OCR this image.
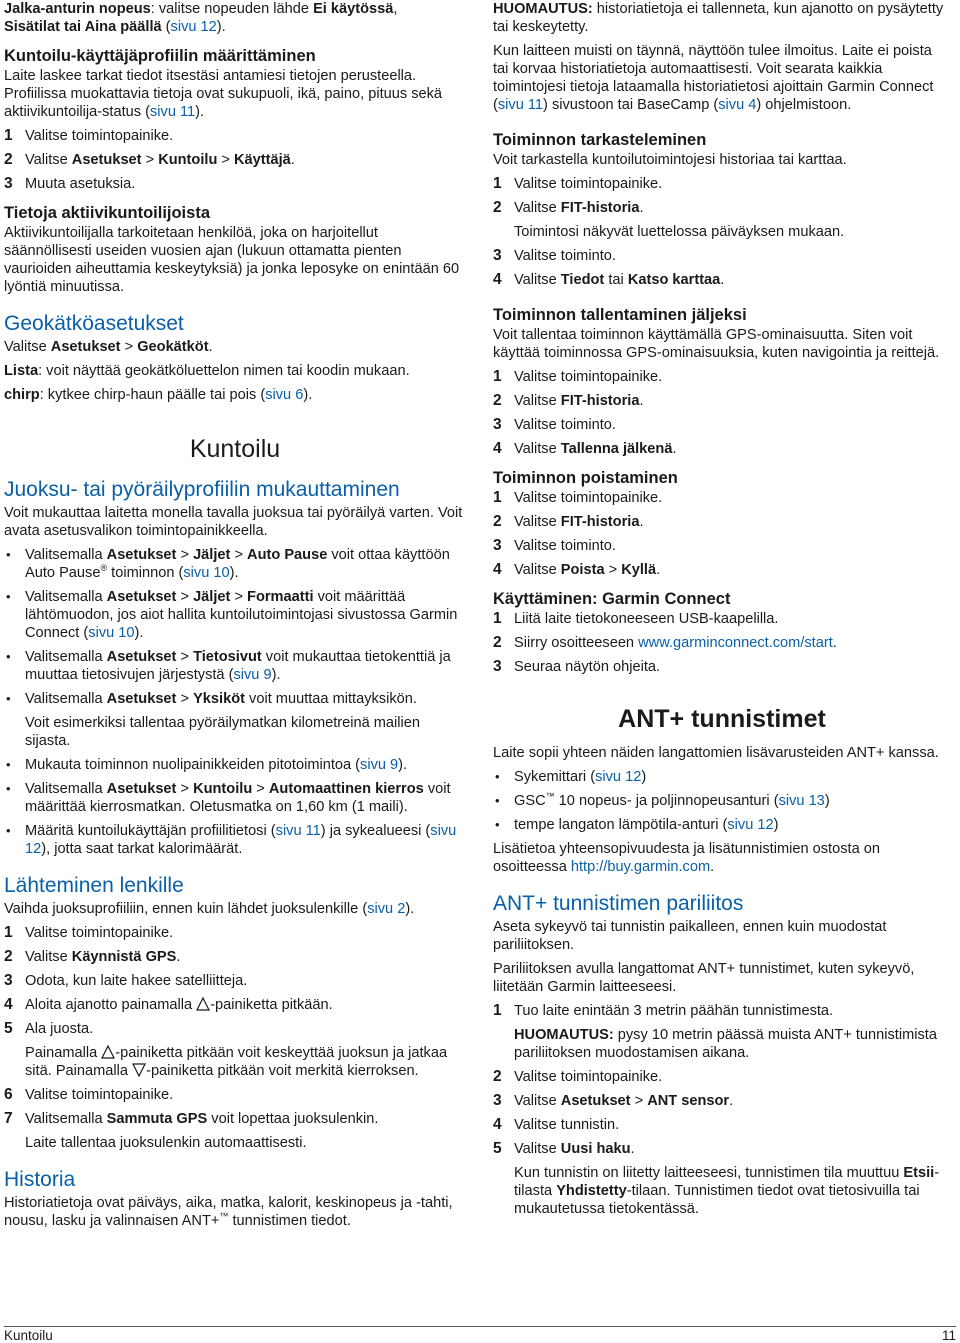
Jalka-anturin nopeus: valitse nopeuden lähde Ei käytössä,
Sisätilat tai Aina päällä (sivu 12).

Kuntoilu-käyttäjäprofiilin määrittäminen

Laite laskee tarkat tiedot itsestäsi antamiesi tietojen perusteella. Profiilissa muokattavia tietoja ovat sukupuoli, ikä, paino, pituus sekä aktiivikuntoilija-status (sivu 11).

1 Valitse toimintopainike.
2 Valitse Asetukset > Kuntoilu > Käyttäjä.
3 Muuta asetuksia.
Tietoja aktiivikuntoilijoista

Aktiivikuntoilijalla tarkoitetaan henkilöä, joka on harjoitellut säännöllisesti useiden vuosien ajan (lukuun ottamatta pienten vaurioiden aiheuttamia keskeytyksiä) ja jonka leposyke on enintään 60 lyöntiä minuutissa.

Geokätköasetukset

Valitse Asetukset > Geokätköt.

Lista: voit näyttää geokätköluettelon nimen tai koodin mukaan.

chirp: kytkee chirp-haun päälle tai pois (sivu 6).

Kuntoilu
Juoksu- tai pyöräilyprofiilin mukauttaminen

Voit mukauttaa laitetta monella tavalla juoksua tai pyöräilyä varten. Voit avata asetusvalikon toimintopainikkeella.

• Valitsemalla Asetukset > Jäljet > Auto Pause voit ottaa käyttöön Auto Pause® toiminnon (sivu 10).
• Valitsemalla Asetukset > Jäljet > Formaatti voit määrittää lähtömuodon, jos aiot hallita kuntoilutoimintojasi sivustossa Garmin Connect (sivu 10).
• Valitsemalla Asetukset > Tietosivut voit mukauttaa tietokenttiä ja muuttaa tietosivujen järjestystä (sivu 9).
• Valitsemalla Asetukset > Yksiköt voit muuttaa mittayksikön.
Voit esimerkiksi tallentaa pyöräilymatkan kilometreinä mailien sijasta.
• Mukauta toiminnon nuolipainikkeiden pitotoimintoa (sivu 9).
• Valitsemalla Asetukset > Kuntoilu > Automaattinen kierros voit määrittää kierrosmatkan. Oletusmatka on 1,60 km (1 maili).
• Määritä kuntoilukäyttäjän profiilitietosi (sivu 11) ja sykealueesi (sivu 12), jotta saat tarkat kalorimäärät.
Lähteminen lenkille

Vaihda juoksuprofiiliin, ennen kuin lähdet juoksulenkille (sivu 2).

1 Valitse toimintopainike.
2 Valitse Käynnistä GPS.
3 Odota, kun laite hakee satelliitteja.
4 Aloita ajanotto painamalla -painiketta pitkään.
5 Ala juosta.

Painamalla -painiketta pitkään voit keskeyttää juoksun ja jatkaa sitä. Painamalla -painiketta pitkään voit merkitä kierroksen.

6 Valitse toimintopainike.
7 Valitsemalla Sammuta GPS voit lopettaa juoksulenkin.

Laite tallentaa juoksulenkin automaattisesti.

Historia

Historiatietoja ovat päiväys, aika, matka, kalorit, keskinopeus ja -tahti, nousu, lasku ja valinnaisen ANT+™ tunnistimen tiedot.

HUOMAUTUS: historiatietoja ei tallenneta, kun ajanotto on pysäytetty tai keskeytetty.

Kun laitteen muisti on täynnä, näyttöön tulee ilmoitus. Laite ei poista tai korvaa historiatietoja automaattisesti. Voit searata kaikkia toimintojesi tietoja lataamalla historiatietosi ajoittain Garmin Connect (sivu 11) sivustoon tai BaseCamp (sivu 4) ohjelmistoon.

Toiminnon tarkasteleminen

Voit tarkastella kuntoilutoimintojesi historiaa tai karttaa.

1 Valitse toimintopainike.
2 Valitse FIT-historia.

Toimintosi näkyvät luettelossa päiväyksen mukaan.

3 Valitse toiminto.
4 Valitse Tiedot tai Katso karttaa.
Toiminnon tallentaminen jäljeksi

Voit tallentaa toiminnon käyttämällä GPS-ominaisuutta. Siten voit käyttää toiminnossa GPS-ominaisuuksia, kuten navigointia ja reittejä.

1 Valitse toimintopainike.
2 Valitse FIT-historia.
3 Valitse toiminto.
4 Valitse Tallenna jälkenä.
Toiminnon poistaminen
1 Valitse toimintopainike.
2 Valitse FIT-historia.
3 Valitse toiminto.
4 Valitse Poista > Kyllä.
Käyttäminen: Garmin Connect
1 Liitä laite tietokoneeseen USB-kaapelilla.
2 Siirry osoitteeseen www.garminconnect.com/start.
3 Seuraa näytön ohjeita.
ANT+ tunnistimet

Laite sopii yhteen näiden langattomien lisävarusteiden ANT+ kanssa.

• Sykemittari (sivu 12)
• GSC™ 10 nopeus- ja poljinnopeusanturi (sivu 13)
• tempe langaton lämpötila-anturi (sivu 12)

Lisätietoa yhteensopivuudesta ja lisätunnistimien ostosta on osoitteessa http://buy.garmin.com.

ANT+ tunnistimen pariliitos

Aseta sykeyvö tai tunnistin paikalleen, ennen kuin muodostat pariliitoksen.

Pariliitoksen avulla langattomat ANT+ tunnistimet, kuten sykeyvö, liitetään Garmin laitteeseesi.

1 Tuo laite enintään 3 metrin päähän tunnistimesta.

HUOMAUTUS: pysy 10 metrin päässä muista ANT+ tunnistimista pariliitoksen muodostamisen aikana.

2 Valitse toimintopainike.
3 Valitse Asetukset > ANT sensor.
4 Valitse tunnistin.
5 Valitse Uusi haku.

Kun tunnistin on liitetty laitteeseesi, tunnistimen tila muuttuu Etsii-tilasta Yhdistetty-tilaan. Tunnistimen tiedot ovat tietosivuilla tai mukautetussa tietokentässä.

Kuntoilu	11
